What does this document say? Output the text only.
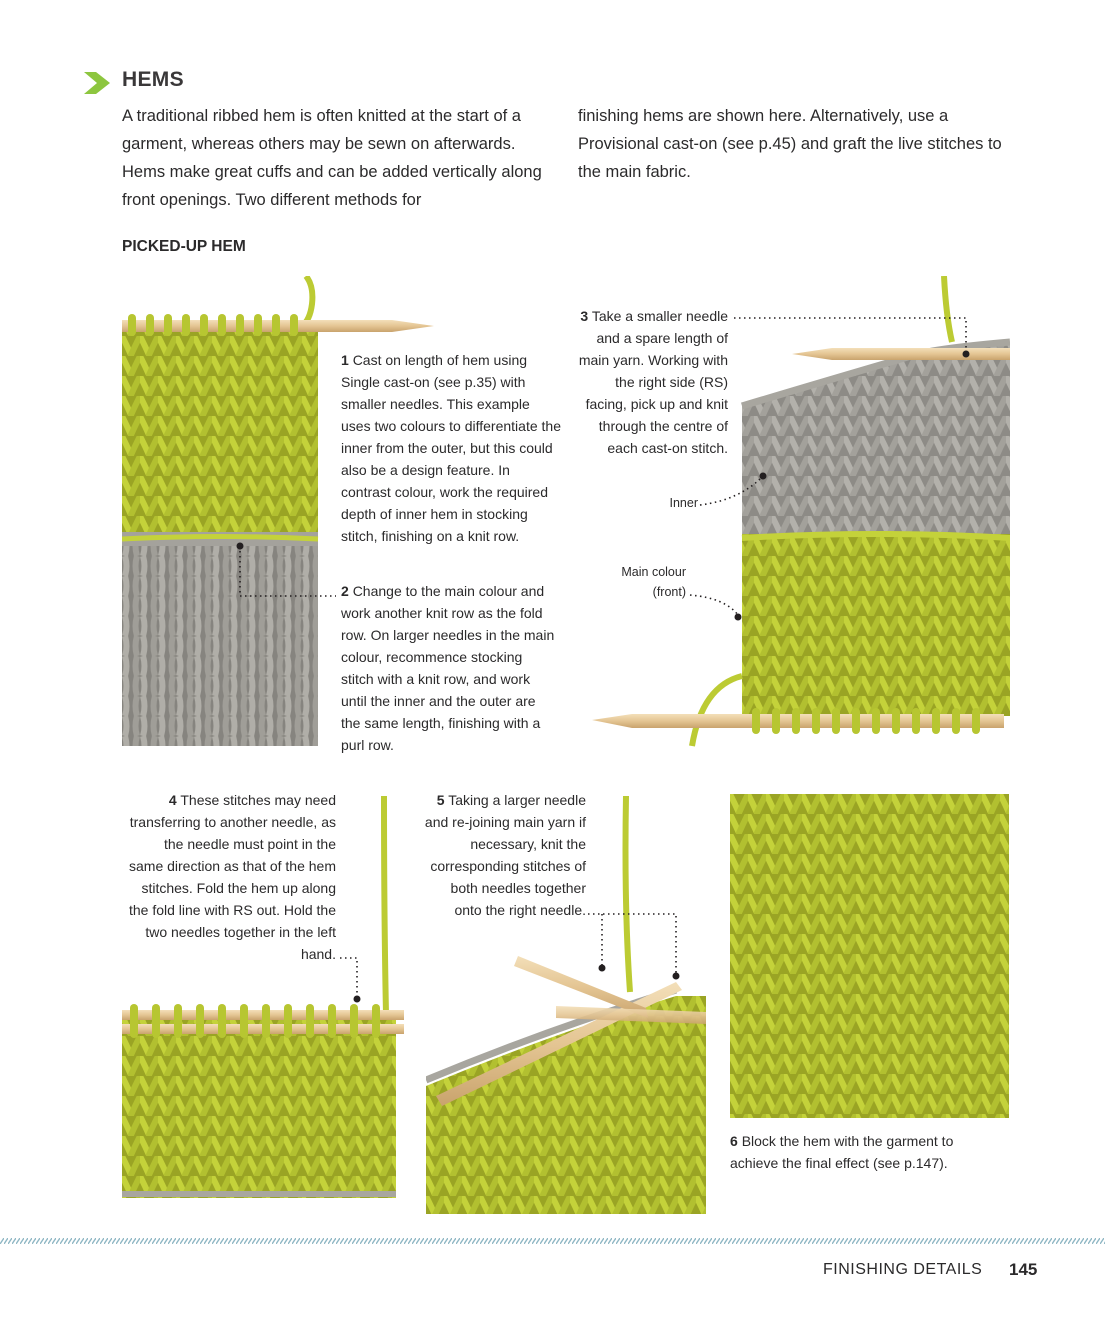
HEMS

A traditional ribbed hem is often knitted at the start of a garment, whereas others may be sewn on afterwards. Hems make great cuffs and can be added vertically along front openings. Two different methods for

finishing hems are shown here. Alternatively, use a Provisional cast-on (see p.45) and graft the live stitches to the main fabric.

PICKED-UP HEM

1 Cast on length of hem using Single cast-on (see p.35) with smaller needles. This example uses two colours to differentiate the inner from the outer, but this could also be a design feature. In contrast colour, work the required depth of inner hem in stocking stitch, finishing on a knit row.

2 Change to the main colour and work another knit row as the fold row. On larger needles in the main colour, recommence stocking stitch with a knit row, and work until the inner and the outer are the same length, finishing with a purl row.

3 Take a smaller needle and a spare length of main yarn. Working with the right side (RS) facing, pick up and knit through the centre of each cast-on stitch.

Inner

Main colour

(front)

4 These stitches may need transferring to another needle, as the needle must point in the same direction as that of the hem stitches. Fold the hem up along the fold line with RS out. Hold the two needles together in the left hand.

5 Taking a larger needle and re-joining main yarn if necessary, knit the corresponding stitches of both needles together onto the right needle.

6 Block the hem with the garment to achieve the final effect (see p.147).

FINISHING DETAILS 145
